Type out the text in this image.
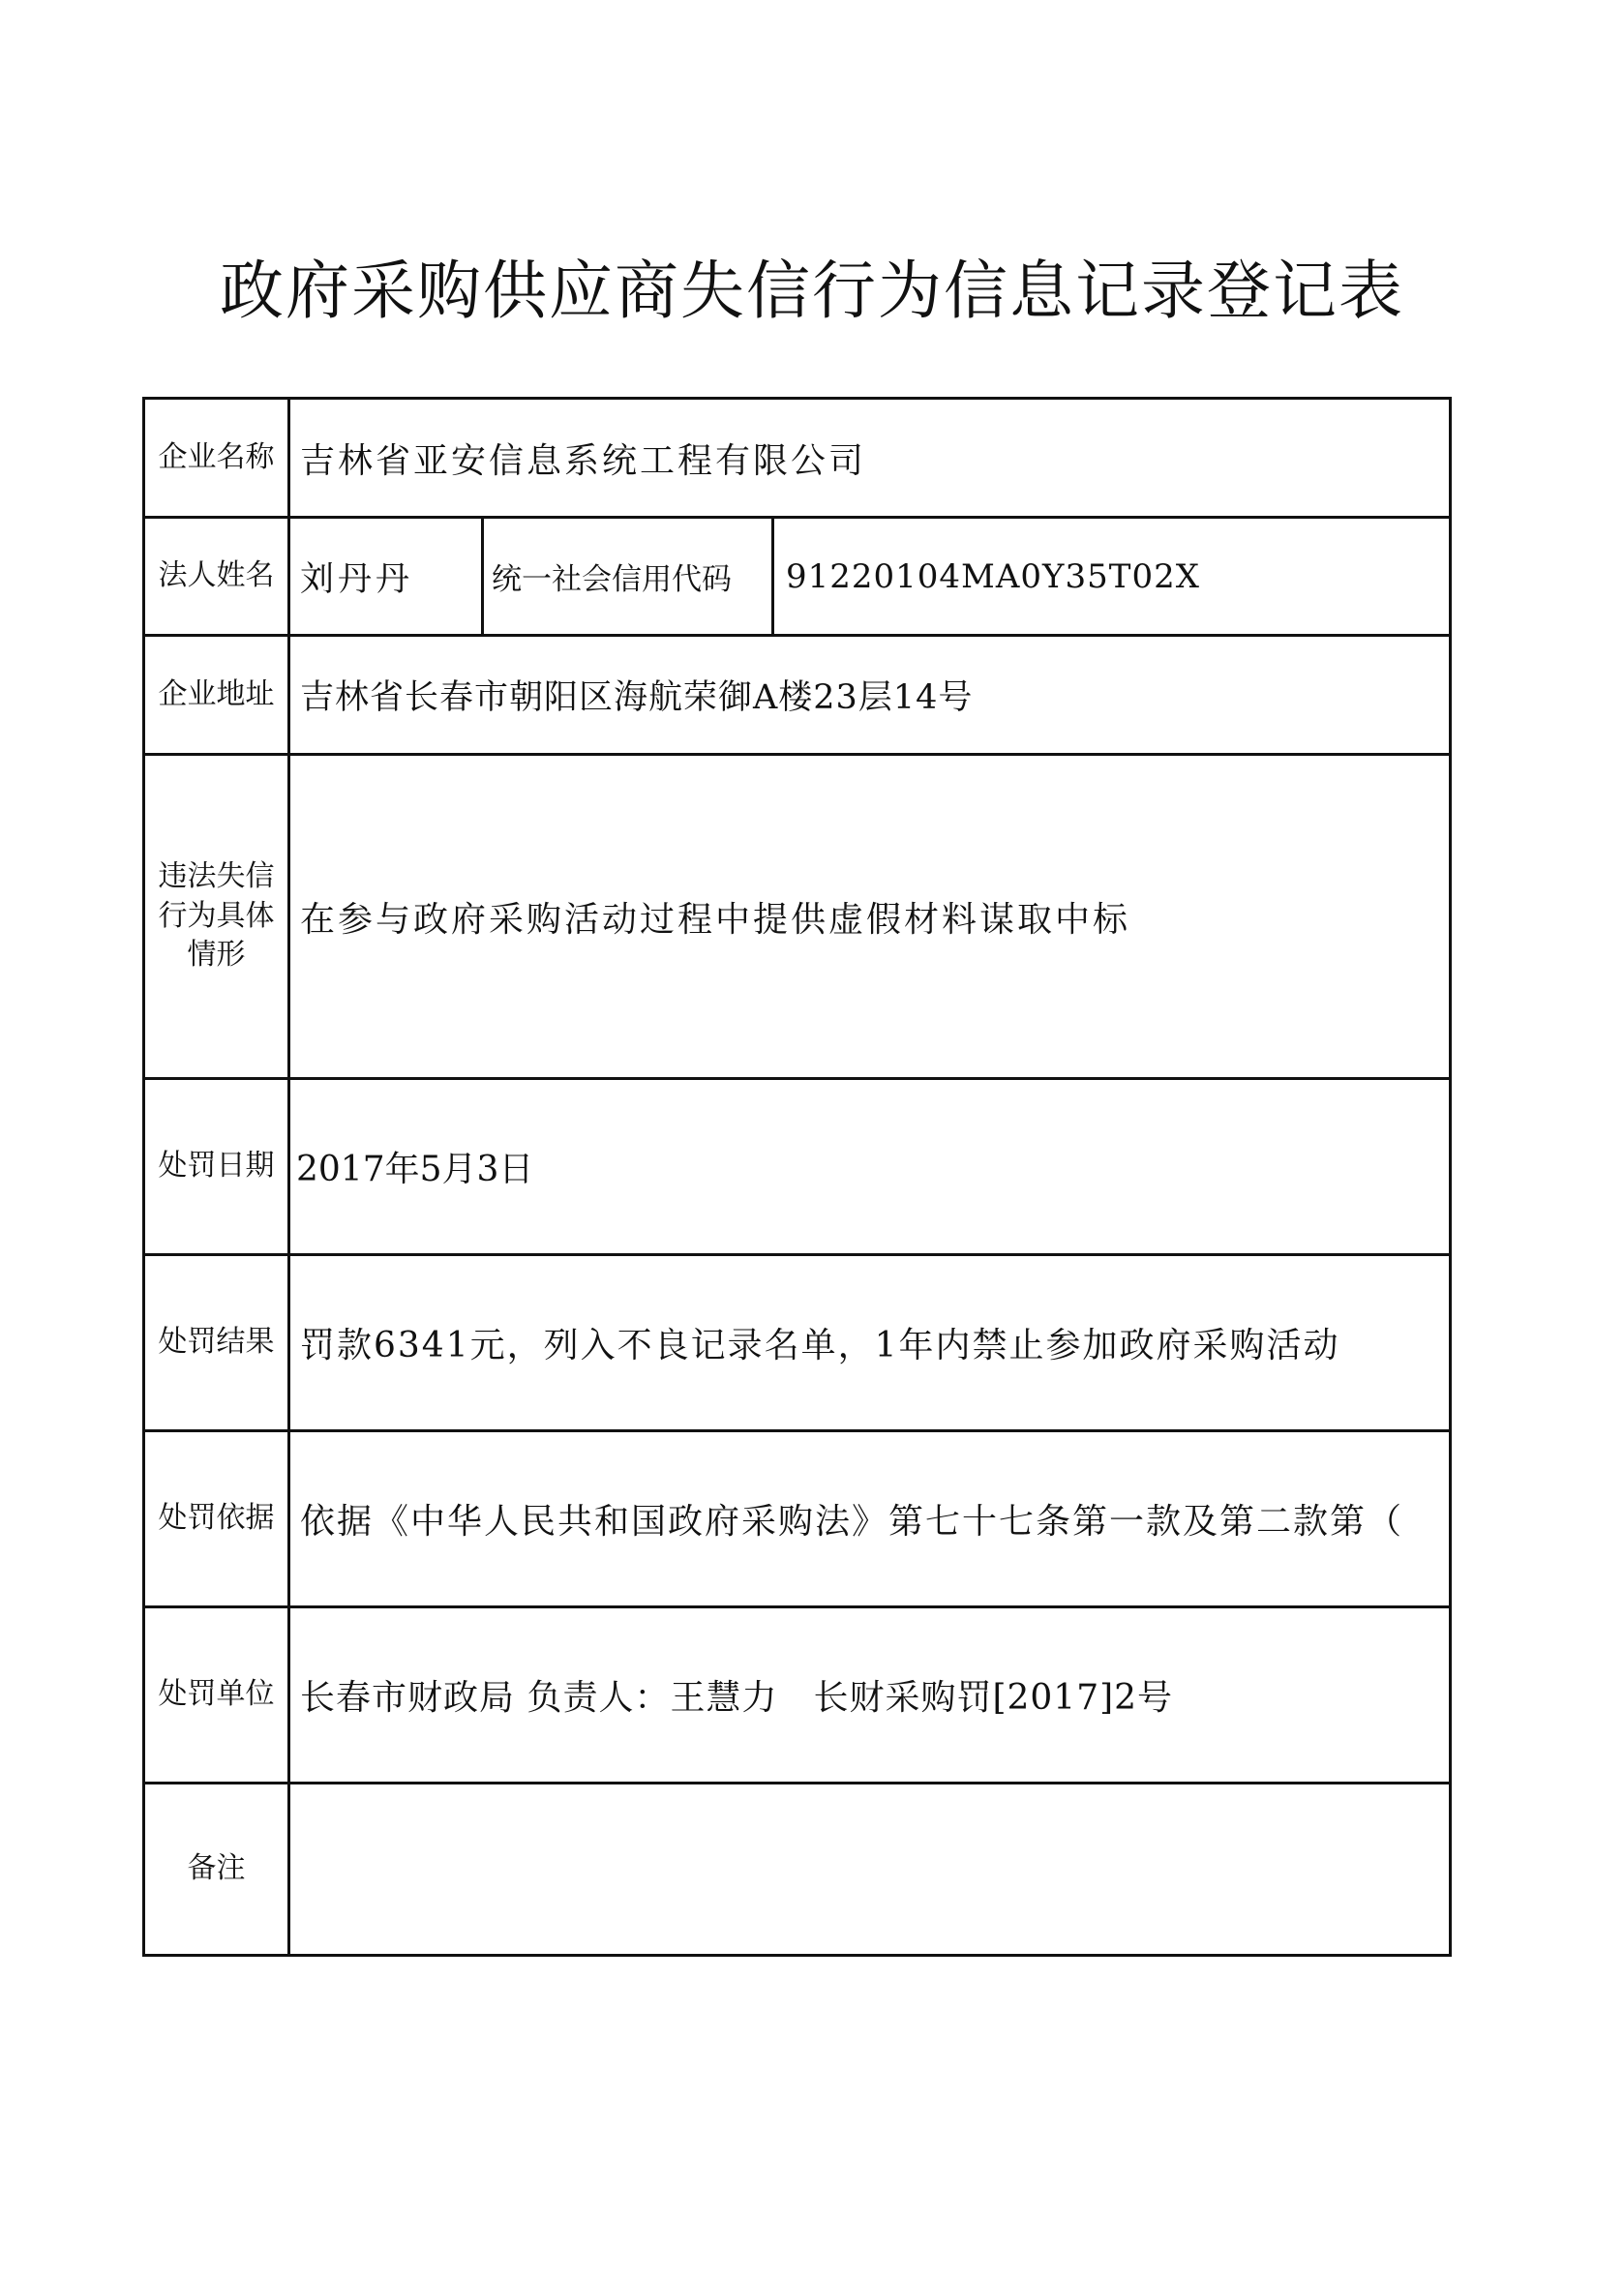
政府采购供应商失信行为信息记录登记表
企业名称	吉林省亚安信息系统工程有限公司		
法人姓名	刘丹丹	统一社会信用代码	91220104MA0Y35T02X
企业地址	吉林省长春市朝阳区海航荣御A楼23层14号		

违法失信
行为具体
情形	在参与政府采购活动过程中提供虚假材料谋取中标		
处罚日期	2017年5月3日		
处罚结果	罚款6341元，列入不良记录名单，1年内禁止参加政府采购活动		
处罚依据	依据《中华人民共和国政府采购法》第七十七条第一款及第二款第（		

处罚单位	长春市财政局 负责人：王慧力　长财采购罚[2017]2号		
备注			
